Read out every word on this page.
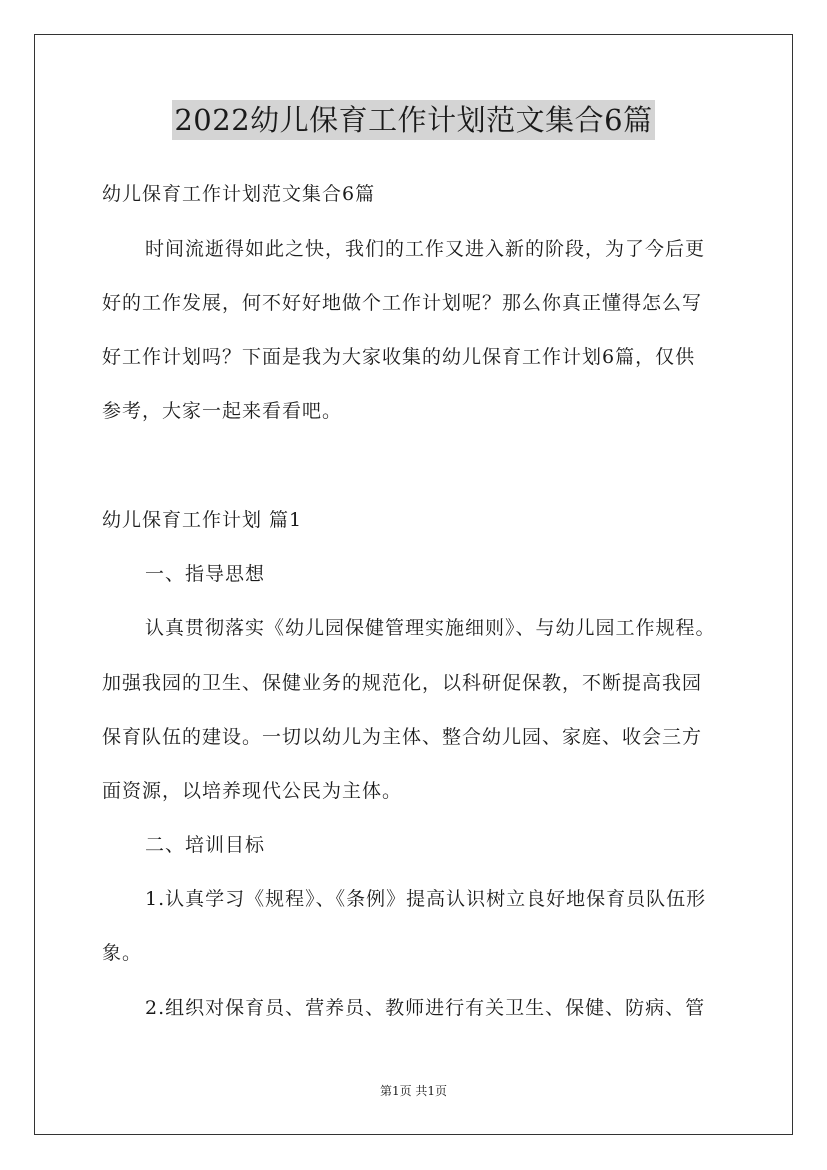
2022幼儿保育工作计划范文集合6篇
幼儿保育工作计划范文集合6篇
时间流逝得如此之快，我们的工作又进入新的阶段，为了今后更
好的工作发展，何不好好地做个工作计划呢？那么你真正懂得怎么写
好工作计划吗？下面是我为大家收集的幼儿保育工作计划6篇，仅供
参考，大家一起来看看吧。
幼儿保育工作计划 篇1
一、指导思想
认真贯彻落实《幼儿园保健管理实施细则》、与幼儿园工作规程。
加强我园的卫生、保健业务的规范化，以科研促保教，不断提高我园
保育队伍的建设。一切以幼儿为主体、整合幼儿园、家庭、收会三方
面资源，以培养现代公民为主体。
二、培训目标
1.认真学习《规程》、《条例》提高认识树立良好地保育员队伍形
象。
2.组织对保育员、营养员、教师进行有关卫生、保健、防病、管
第1页 共1页
